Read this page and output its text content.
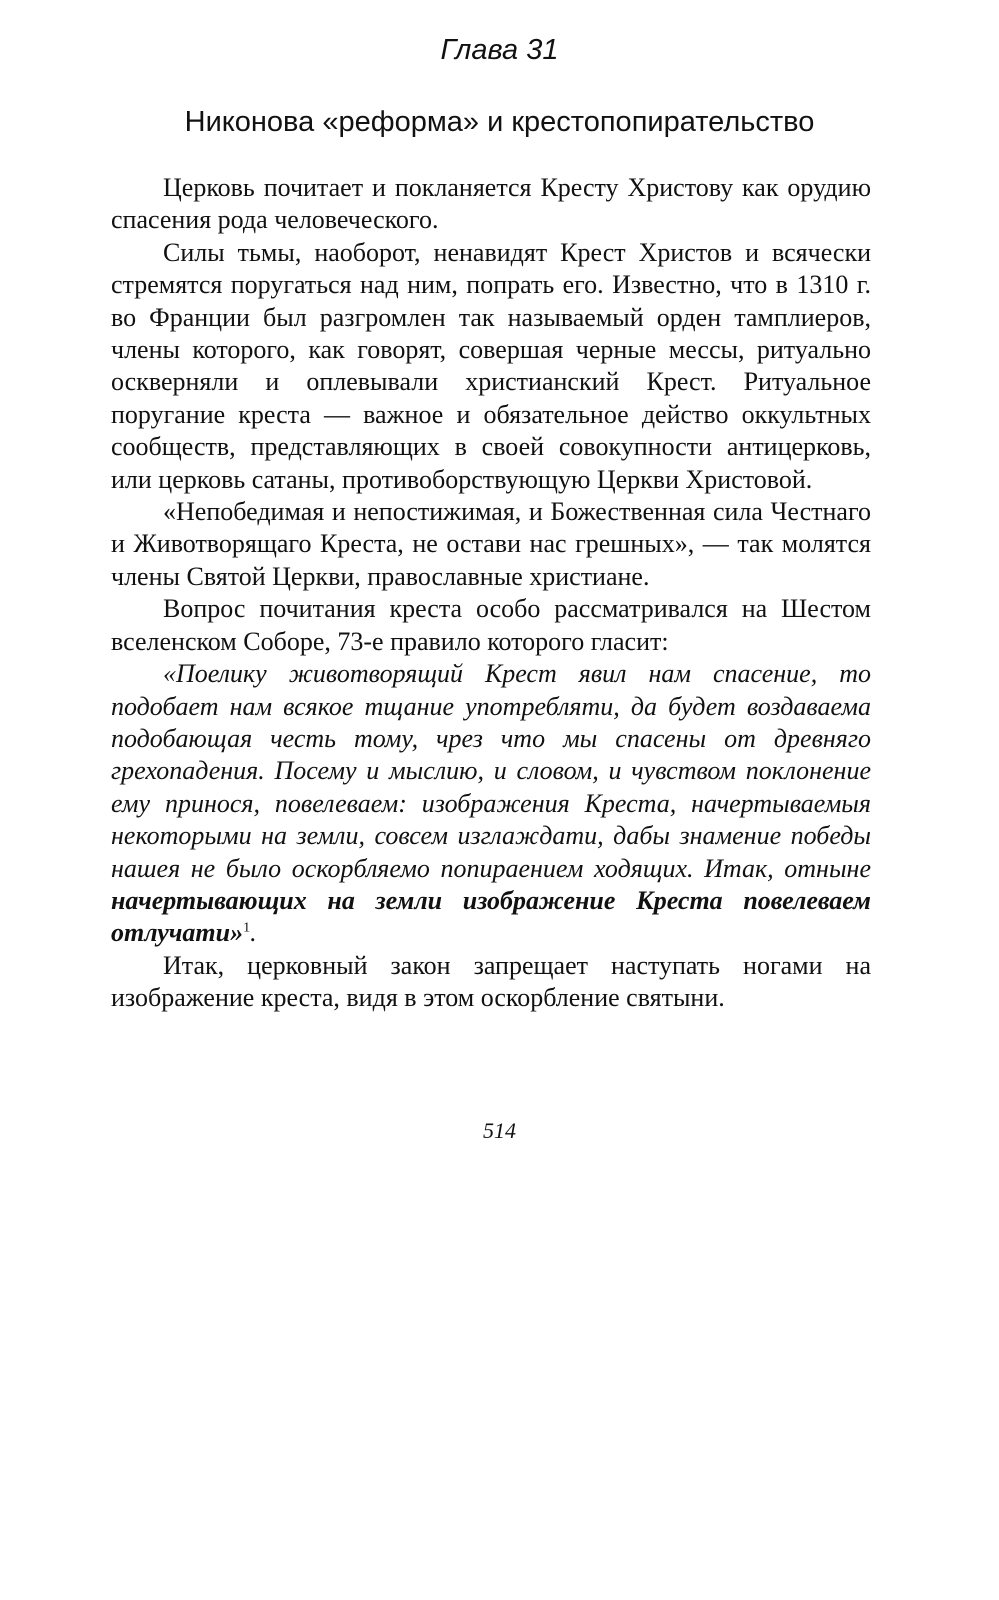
Глава 31
Никонова «реформа» и крестопопирательство

Церковь почитает и покланяется Кресту Христову как орудию спасения рода человеческого.

Силы тьмы, наоборот, ненавидят Крест Христов и всячески стремятся поругаться над ним, попрать его. Известно, что в 1310 г. во Франции был разгромлен так называемый орден тамплиеров, члены которого, как говорят, совершая черные мессы, ритуально оскверняли и оплевывали христианский Крест. Ритуальное поругание креста — важное и обязательное действо оккультных сообществ, представляющих в своей совокупности антицерковь, или церковь сатаны, противоборствующую Церкви Христовой.

«Непобедимая и непостижимая, и Божественная сила Честнаго и Животворящаго Креста, не остави нас грешных», — так молятся члены Святой Церкви, православные христиане.

Вопрос почитания креста особо рассматривался на Шестом вселенском Соборе, 73-е правило которого гласит:

«Поелику животворящий Крест явил нам спасение, то подобает нам всякое тщание употребляти, да будет воздаваема подобающая честь тому, чрез что мы спасены от древняго грехопадения. Посему и мыслию, и словом, и чувством поклонение ему принося, повелеваем: изображения Креста, начертываемыя некоторыми на земли, совсем изглаждати, дабы знамение победы нашея не было оскорбляемо попираением ходящих. Итак, отныне начертывающих на земли изображение Креста повелеваем отлучати»$^1$.

Итак, церковный закон запрещает наступать ногами на изображение креста, видя в этом оскорбление святыни.

514
